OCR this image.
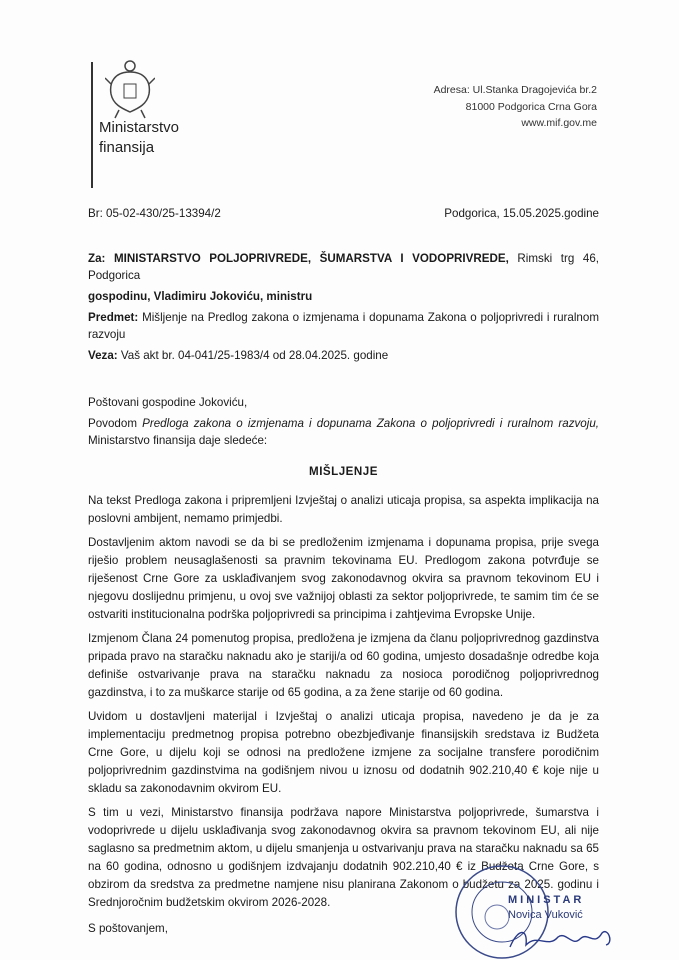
Ministarstvo
finansija
Adresa: Ul.Stanka Dragojevića br.2
81000 Podgorica Crna Gora
www.mif.gov.me
Br: 05-02-430/25-13394/2	Podgorica, 15.05.2025.godine

Za: MINISTARSTVO POLJOPRIVREDE, ŠUMARSTVA I VODOPRIVREDE, Rimski trg 46, Podgorica

gospodinu, Vladimiru Jokoviću, ministru

Predmet: Mišljenje na Predlog zakona o izmjenama i dopunama Zakona o poljoprivredi i ruralnom razvoju

Veza: Vaš akt br. 04-041/25-1983/4 od 28.04.2025. godine

Poštovani gospodine Jokoviću,

Povodom Predloga zakona o izmjenama i dopunama Zakona o poljoprivredi i ruralnom razvoju, Ministarstvo finansija daje sledeće:

MIŠLJENJE

Na tekst Predloga zakona i pripremljeni Izvještaj o analizi uticaja propisa, sa aspekta implikacija na poslovni ambijent, nemamo primjedbi.

Dostavljenim aktom navodi se da bi se predloženim izmjenama i dopunama propisa, prije svega riješio problem neusaglašenosti sa pravnim tekovinama EU. Predlogom zakona potvrđuje se riješenost Crne Gore za usklađivanjem svog zakonodavnog okvira sa pravnom tekovinom EU i njegovu doslijednu primjenu, u ovoj sve važnijoj oblasti za sektor poljoprivrede, te samim tim će se ostvariti institucionalna podrška poljoprivredi sa principima i zahtjevima Evropske Unije.

Izmjenom Člana 24 pomenutog propisa, predložena je izmjena da članu poljoprivrednog gazdinstva pripada pravo na staračku naknadu ako je stariji/a od 60 godina, umjesto dosadašnje odredbe koja definiše ostvarivanje prava na staračku naknadu za nosioca porodičnog poljoprivrednog gazdinstva, i to za muškarce starije od 65 godina, a za žene starije od 60 godina.

Uvidom u dostavljeni materijal i Izvještaj o analizi uticaja propisa, navedeno je da je za implementaciju predmetnog propisa potrebno obezbjeđivanje finansijskih sredstava iz Budžeta Crne Gore, u dijelu koji se odnosi na predložene izmjene za socijalne transfere porodičnim poljoprivrednim gazdinstvima na godišnjem nivou u iznosu od dodatnih 902.210,40 € koje nije u skladu sa zakonodavnim okvirom EU.

S tim u vezi, Ministarstvo finansija podržava napore Ministarstva poljoprivrede, šumarstva i vodoprivrede u dijelu usklađivanja svog zakonodavnog okvira sa pravnom tekovinom EU, ali nije saglasno sa predmetnim aktom, u dijelu smanjenja u ostvarivanju prava na staračku naknadu sa 65 na 60 godina, odnosno u godišnjem izdvajanju dodatnih 902.210,40 € iz Budžeta Crne Gore, s obzirom da sredstva za predmetne namjene nisu planirana Zakonom o budžetu za 2025. godinu i Srednjoročnim budžetskim okvirom 2026-2028.

S poštovanjem,

MINISTAR
Novica Vuković
